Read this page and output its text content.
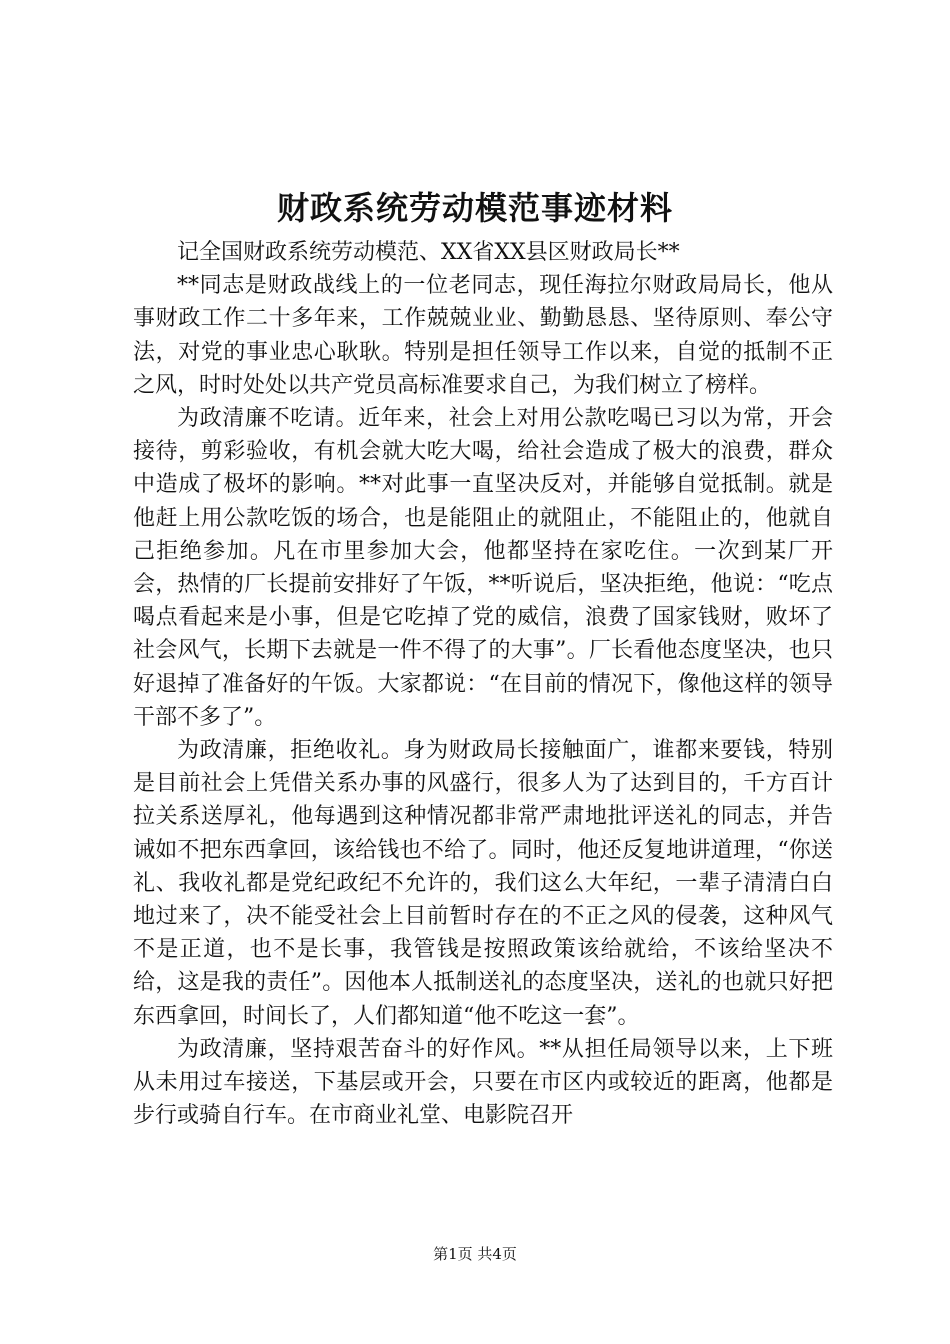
财政系统劳动模范事迹材料

记全国财政系统劳动模范、XX省XX县区财政局长**

**同志是财政战线上的一位老同志，现任海拉尔财政局局长，他从事财政工作二十多年来，工作兢兢业业、勤勤恳恳、坚待原则、奉公守法，对党的事业忠心耿耿。特别是担任领导工作以来，自觉的抵制不正之风，时时处处以共产党员高标准要求自己，为我们树立了榜样。

为政清廉不吃请。近年来，社会上对用公款吃喝已习以为常，开会接待，剪彩验收，有机会就大吃大喝，给社会造成了极大的浪费，群众中造成了极坏的影响。**对此事一直坚决反对，并能够自觉抵制。就是他赶上用公款吃饭的场合，也是能阻止的就阻止，不能阻止的，他就自己拒绝参加。凡在市里参加大会，他都坚持在家吃住。一次到某厂开会，热情的厂长提前安排好了午饭，**听说后，坚决拒绝，他说：“吃点喝点看起来是小事，但是它吃掉了党的威信，浪费了国家钱财，败坏了社会风气，长期下去就是一件不得了的大事”。厂长看他态度坚决，也只好退掉了准备好的午饭。大家都说：“在目前的情况下，像他这样的领导干部不多了”。

为政清廉，拒绝收礼。身为财政局长接触面广，谁都来要钱，特别是目前社会上凭借关系办事的风盛行，很多人为了达到目的，千方百计拉关系送厚礼，他每遇到这种情况都非常严肃地批评送礼的同志，并告诫如不把东西拿回，该给钱也不给了。同时，他还反复地讲道理，“你送礼、我收礼都是党纪政纪不允许的，我们这么大年纪，一辈子清清白白地过来了，决不能受社会上目前暂时存在的不正之风的侵袭，这种风气不是正道，也不是长事，我管钱是按照政策该给就给，不该给坚决不给，这是我的责任”。因他本人抵制送礼的态度坚决，送礼的也就只好把东西拿回，时间长了，人们都知道“他不吃这一套”。

为政清廉，坚持艰苦奋斗的好作风。**从担任局领导以来，上下班从未用过车接送，下基层或开会，只要在市区内或较近的距离，他都是步行或骑自行车。在市商业礼堂、电影院召开

第1页 共4页
